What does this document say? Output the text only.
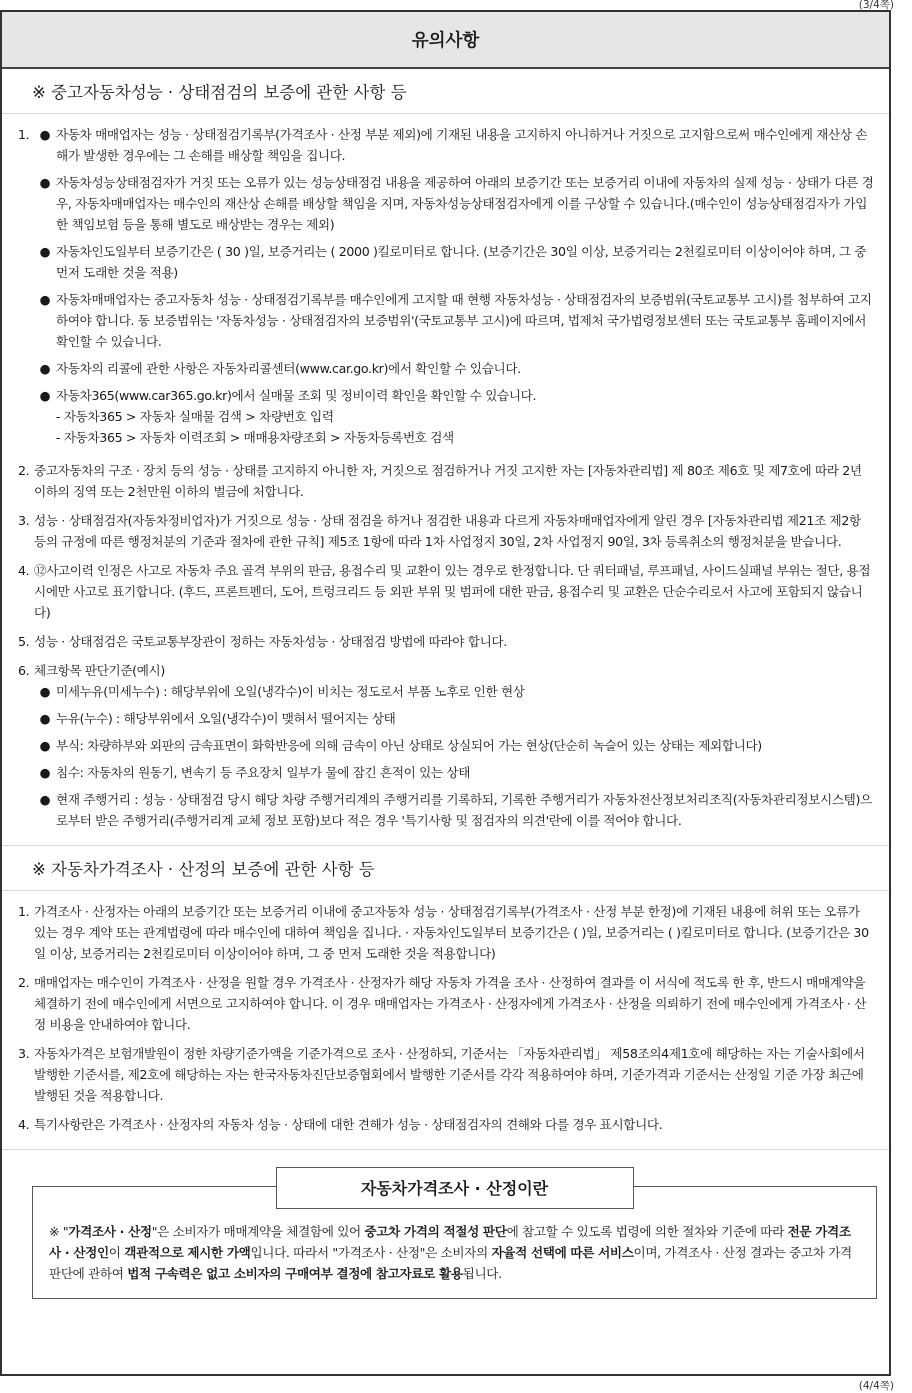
(3/4쪽)
유의사항
※ 중고자동차성능 · 상태점검의 보증에 관한 사항 등
1. ● 자동차 매매업자는 성능 · 상태점검기록부(가격조사 · 산정 부분 제외)에 기재된 내용을 고지하지 아니하거나 거짓으로 고지함으로써 매수인에게 재산상 손해가 발생한 경우에는 그 손해를 배상할 책임을 집니다.
● 자동차성능상태점검자가 거짓 또는 오류가 있는 성능상태점검 내용을 제공하여 아래의 보증기간 또는 보증거리 이내에 자동차의 실제 성능 · 상태가 다른 경우, 자동차매매업자는 매수인의 재산상 손해를 배상할 책임을 지며, 자동차성능상태점검자에게 이를 구상할 수 있습니다.(매수인이 성능상태점검자가 가입한 책임보험 등을 통해 별도로 배상받는 경우는 제외)
● 자동차인도일부터 보증기간은 ( 30 )일, 보증거리는 ( 2000 )킬로미터로 합니다. (보증기간은 30일 이상, 보증거리는 2천킬로미터 이상이어야 하며, 그 중 먼저 도래한 것을 적용)
● 자동차매매업자는 중고자동차 성능 · 상태점검기록부를 매수인에게 고지할 때 현행 자동차성능 · 상태점검자의 보증범위(국토교통부 고시)를 첨부하여 고지하여야 합니다. 동 보증범위는 '자동차성능 · 상태점검자의 보증범위'(국토교통부 고시)에 따르며, 법제처 국가법령정보센터 또는 국토교통부 홈페이지에서 확인할 수 있습니다.
● 자동차의 리콜에 관한 사항은 자동차리콜센터(www.car.go.kr)에서 확인할 수 있습니다.
● 자동차365(www.car365.go.kr)에서 실매물 조회 및 정비이력 확인을 확인할 수 있습니다.
- 자동차365 > 자동차 실매물 검색 > 차량번호 입력
- 자동차365 > 자동차 이력조회 > 매매용차량조회 > 자동차등록번호 검색
2. 중고자동차의 구조 · 장치 등의 성능 · 상태를 고지하지 아니한 자, 거짓으로 점검하거나 거짓 고지한 자는 [자동차관리법] 제 80조 제6호 및 제7호에 따라 2년 이하의 징역 또는 2천만원 이하의 벌금에 처합니다.
3. 성능 · 상태점검자(자동차정비업자)가 거짓으로 성능 · 상태 점검을 하거나 점검한 내용과 다르게 자동차매매업자에게 알린 경우 [자동차관리법 제21조 제2항 등의 규정에 따른 행정처분의 기준과 절차에 관한 규칙] 제5조 1항에 따라 1차 사업정지 30일, 2차 사업정지 90일, 3차 등록취소의 행정처분을 받습니다.
4. ⑫사고이력 인정은 사고로 자동차 주요 골격 부위의 판금, 용접수리 및 교환이 있는 경우로 한정합니다. 단 쿼터패널, 루프패널, 사이드실패널 부위는 절단, 용접 시에만 사고로 표기합니다. (후드, 프론트펜더, 도어, 트렁크리드 등 외판 부위 및 범퍼에 대한 판금, 용접수리 및 교환은 단순수리로서 사고에 포함되지 않습니다)
5. 성능 · 상태점검은 국토교통부장관이 정하는 자동차성능 · 상태점검 방법에 따라야 합니다.
6. 체크항목 판단기준(예시)
● 미세누유(미세누수) : 해당부위에 오일(냉각수)이 비치는 정도로서 부품 노후로 인한 현상
● 누유(누수) : 해당부위에서 오일(냉각수)이 맺혀서 떨어지는 상태
● 부식: 차량하부와 외판의 금속표면이 화학반응에 의해 금속이 아닌 상태로 상실되어 가는 현상(단순히 녹슬어 있는 상태는 제외합니다)
● 침수: 자동차의 원동기, 변속기 등 주요장치 일부가 물에 잠긴 흔적이 있는 상태
● 현재 주행거리 : 성능 · 상태점검 당시 해당 차량 주행거리계의 주행거리를 기록하되, 기록한 주행거리가 자동차전산정보처리조직(자동차관리정보시스템)으로부터 받은 주행거리(주행거리계 교체 정보 포함)보다 적은 경우 '특기사항 및 점검자의 의견'란에 이를 적어야 합니다.
※ 자동차가격조사 · 산정의 보증에 관한 사항 등
1. 가격조사 · 산정자는 아래의 보증기간 또는 보증거리 이내에 중고자동차 성능 · 상태점검기록부(가격조사 · 산정 부분 한정)에 기재된 내용에 허위 또는 오류가 있는 경우 계약 또는 관계법령에 따라 매수인에 대하여 책임을 집니다. · 자동차인도일부터 보증기간은 ( )일, 보증거리는 ( )킬로미터로 합니다. (보증기간은 30일 이상, 보증거리는 2천킬로미터 이상이어야 하며, 그 중 먼저 도래한 것을 적용합니다)
2. 매매업자는 매수인이 가격조사 · 산정을 원할 경우 가격조사 · 산정자가 해당 자동차 가격을 조사 · 산정하여 결과를 이 서식에 적도록 한 후, 반드시 매매계약을 체결하기 전에 매수인에게 서면으로 고지하여야 합니다. 이 경우 매매업자는 가격조사 · 산정자에게 가격조사 · 산정을 의뢰하기 전에 매수인에게 가격조사 · 산정 비용을 안내하여야 합니다.
3. 자동차가격은 보험개발원이 정한 차량기준가액을 기준가격으로 조사 · 산정하되, 기준서는 「자동차관리법」 제58조의4제1호에 해당하는 자는 기술사회에서 발행한 기준서를, 제2호에 해당하는 자는 한국자동차진단보증협회에서 발행한 기준서를 각각 적용하여야 하며, 기준가격과 기준서는 산정일 기준 가장 최근에 발행된 것을 적용합니다.
4. 특기사항란은 가격조사 · 산정자의 자동차 성능 · 상태에 대한 견해가 성능 · 상태점검자의 견해와 다를 경우 표시합니다.
자동차가격조사 · 산정이란
※ "가격조사 · 산정"은 소비자가 매매계약을 체결함에 있어 중고차 가격의 적절성 판단에 참고할 수 있도록 법령에 의한 절차와 기준에 따라 전문 가격조사 · 산정인이 객관적으로 제시한 가액입니다. 따라서 "가격조사 · 산정"은 소비자의 자율적 선택에 따른 서비스이며, 가격조사 · 산정 결과는 중고차 가격판단에 관하여 법적 구속력은 없고 소비자의 구매여부 결정에 참고자료로 활용됩니다.
(4/4쪽)
